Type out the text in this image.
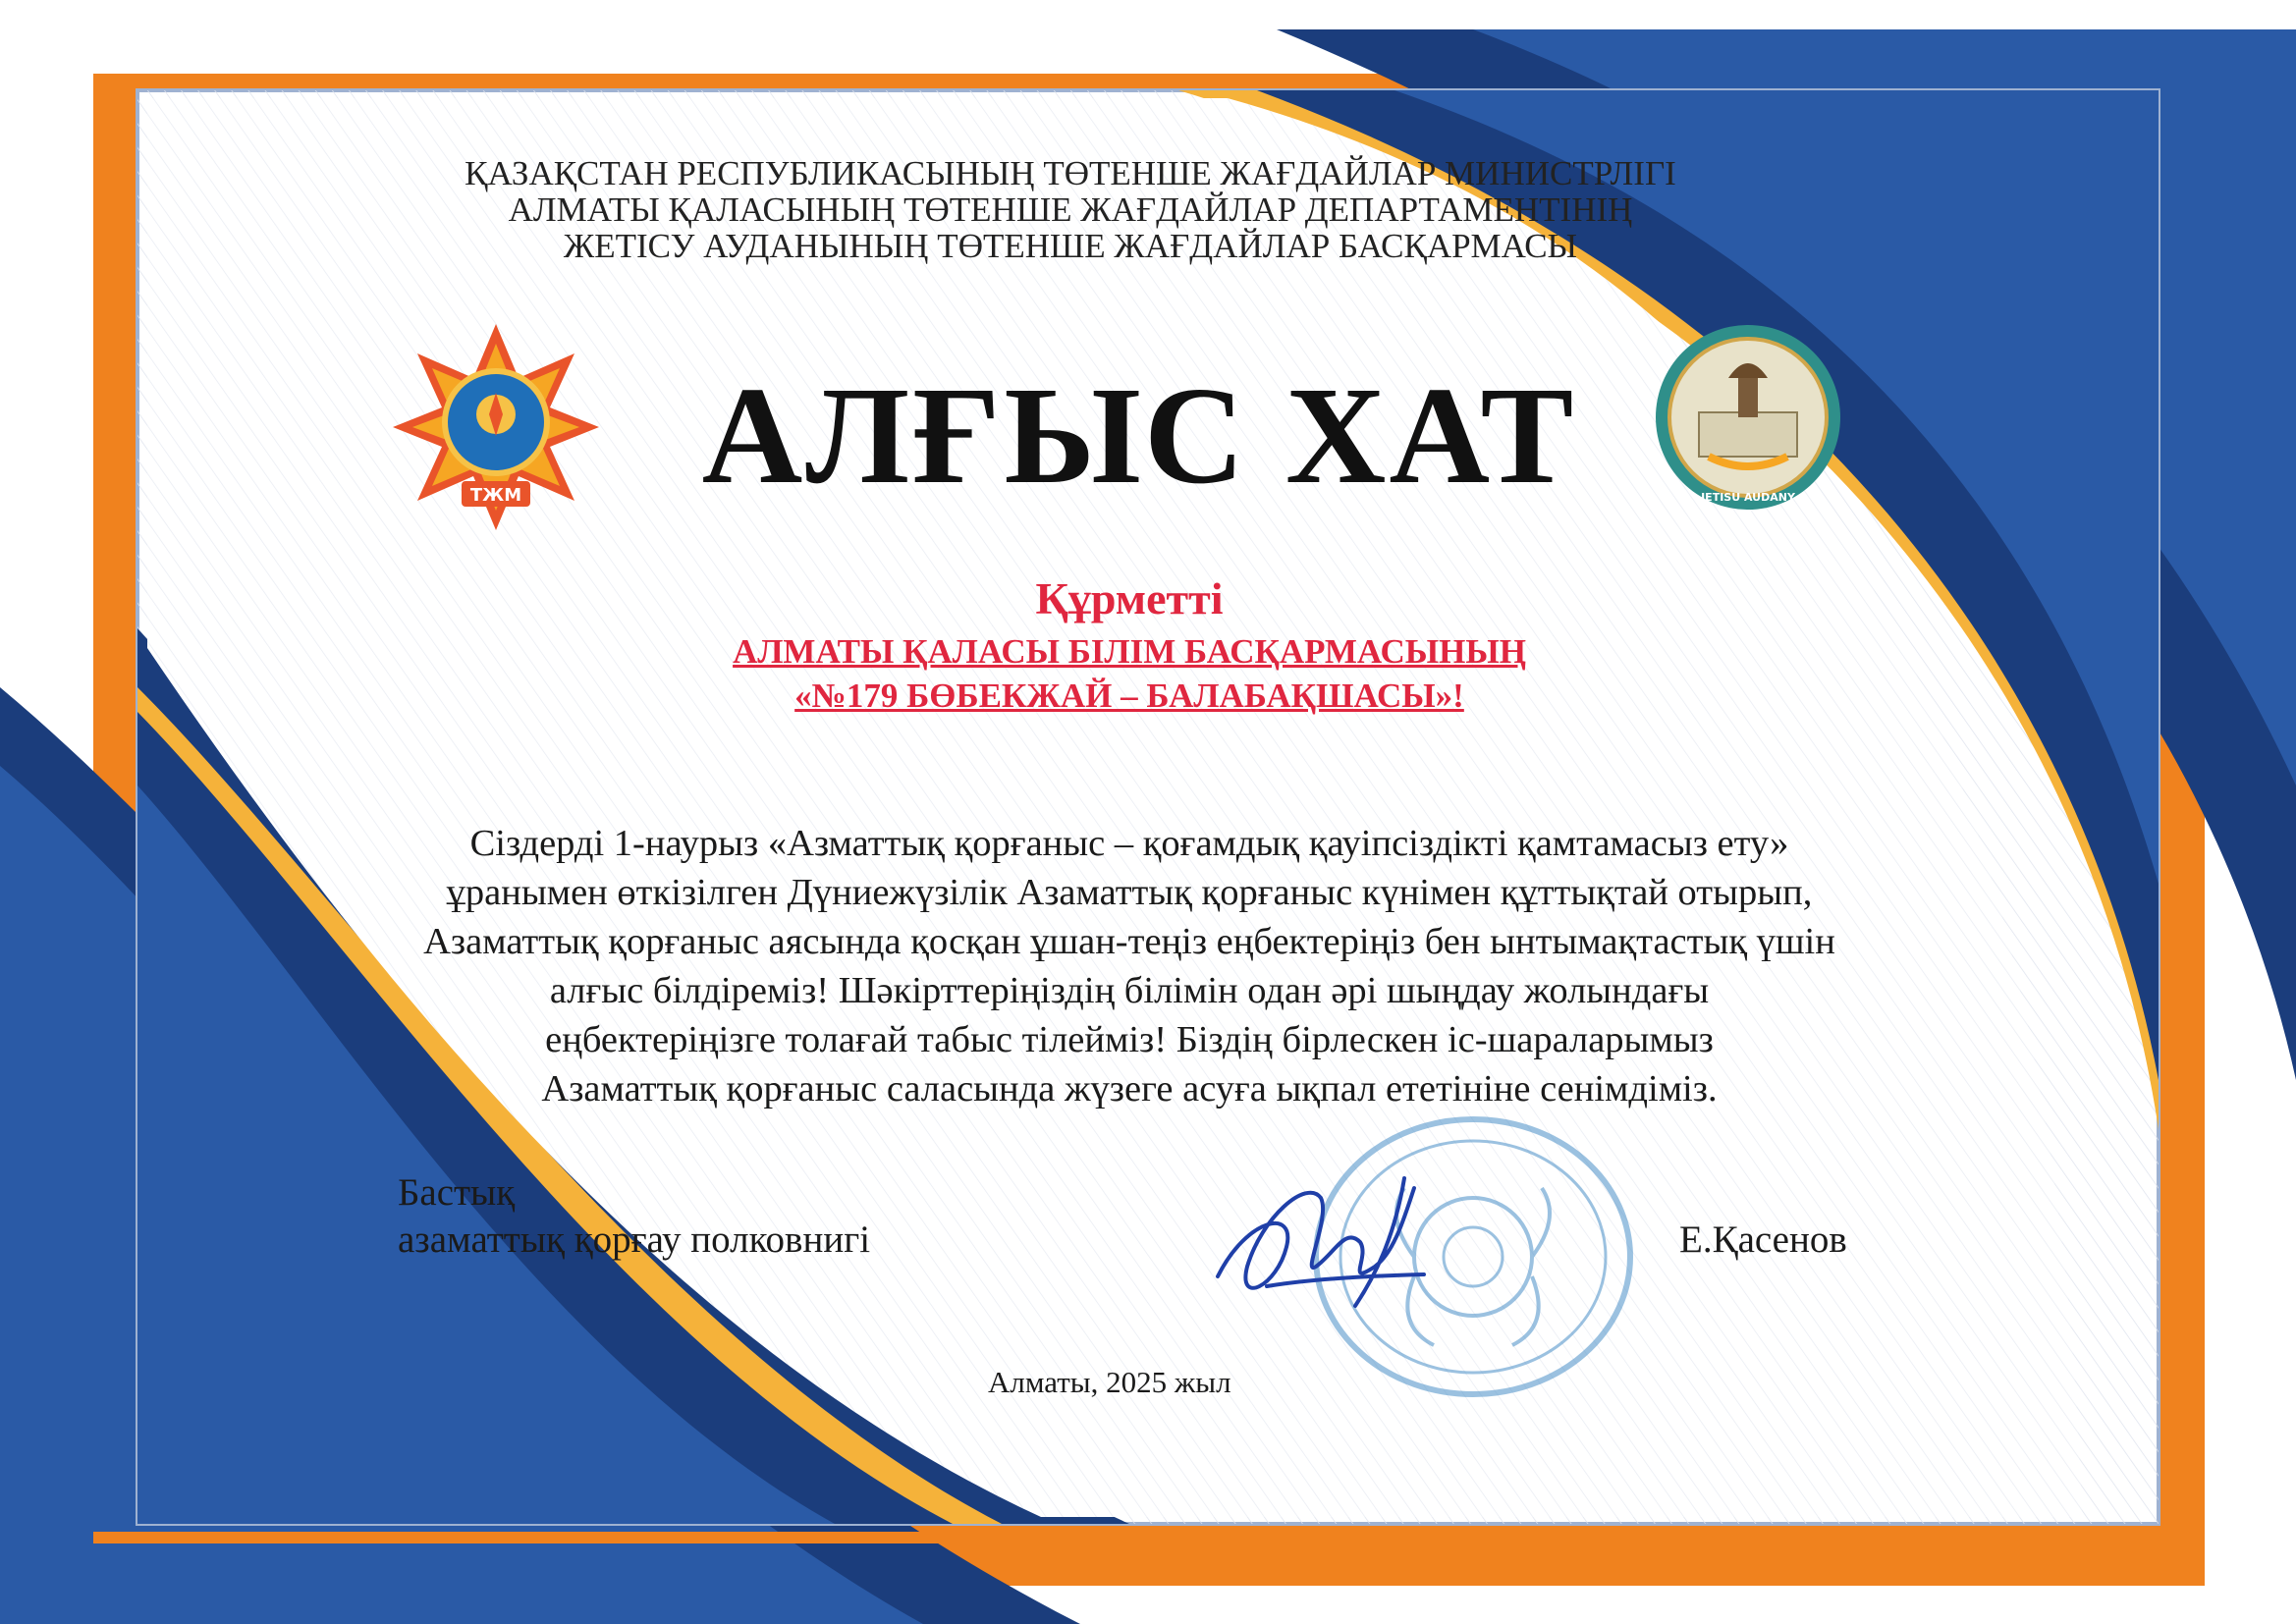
ҚАЗАҚСТАН РЕСПУБЛИКАСЫНЫҢ ТӨТЕНШЕ ЖАҒДАЙЛАР МИНИСТРЛІГІ
АЛМАТЫ ҚАЛАСЫНЫҢ ТӨТЕНШЕ ЖАҒДАЙЛАР ДЕПАРТАМЕНТІНІҢ
ЖЕТІСУ АУДАНЫНЫҢ ТӨТЕНШЕ ЖАҒДАЙЛАР БАСҚАРМАСЫ
ТЖМ	JETISU AUDANY
АЛҒЫС ХАТ
Құрметті
АЛМАТЫ ҚАЛАСЫ БІЛІМ БАСҚАРМАСЫНЫҢ
«№179 БӨБЕКЖАЙ – БАЛАБАҚШАСЫ»!
Сіздерді 1-наурыз «Азматтық қорғаныс – қоғамдық қауіпсіздікті қамтамасыз ету»
ұранымен өткізілген Дүниежүзілік Азаматтық қорғаныс күнімен құттықтай отырып,
Азаматтық қорғаныс аясында қосқан ұшан-теңіз еңбектеріңіз бен ынтымақтастық үшін
алғыс білдіреміз! Шәкірттеріңіздің білімін одан әрі шыңдау жолындағы
еңбектеріңізге толағай табыс тілейміз! Біздің бірлескен іс-шараларымыз
Азаматтық қорғаныс саласында жүзеге асуға ықпал ететініне сенімдіміз.
Бастық
азаматтық қорғау полковнигі	Е.Қасенов
Алматы, 2025 жыл
